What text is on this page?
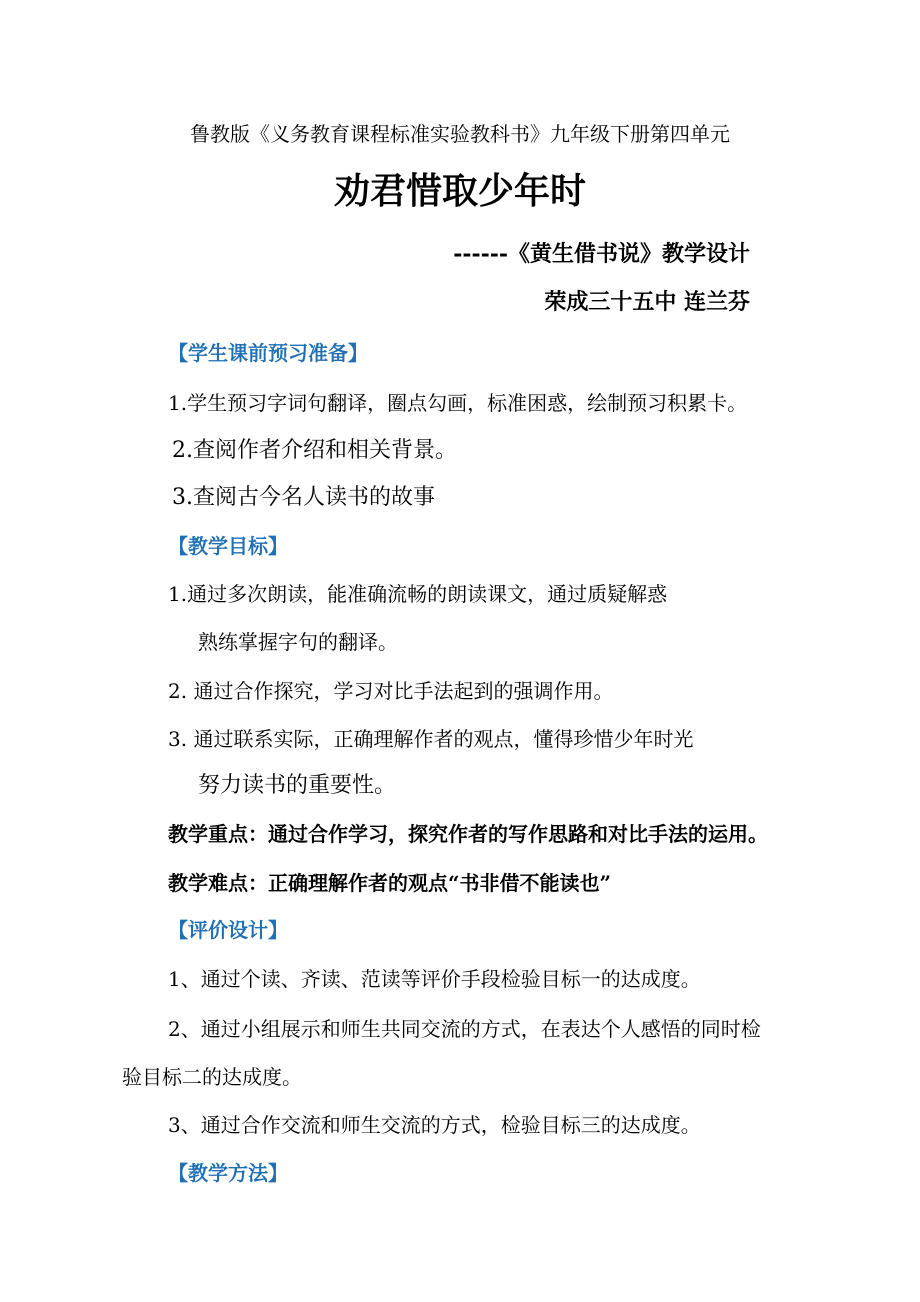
鲁教版《义务教育课程标准实验教科书》九年级下册第四单元
劝君惜取少年时
------《黄生借书说》教学设计
荣成三十五中 连兰芬
【学生课前预习准备】
1.学生预习字词句翻译，圈点勾画，标准困惑，绘制预习积累卡。
2.查阅作者介绍和相关背景。
3.查阅古今名人读书的故事
【教学目标】
1.通过多次朗读，能准确流畅的朗读课文，通过质疑解惑
熟练掌握字句的翻译。
2. 通过合作探究，学习对比手法起到的强调作用。
3. 通过联系实际，正确理解作者的观点，懂得珍惜少年时光
努力读书的重要性。
教学重点：通过合作学习，探究作者的写作思路和对比手法的运用。
教学难点：正确理解作者的观点“书非借不能读也”
【评价设计】
1、通过个读、齐读、范读等评价手段检验目标一的达成度。
2、通过小组展示和师生共同交流的方式，在表达个人感悟的同时检
验目标二的达成度。
3、通过合作交流和师生交流的方式，检验目标三的达成度。
【教学方法】
